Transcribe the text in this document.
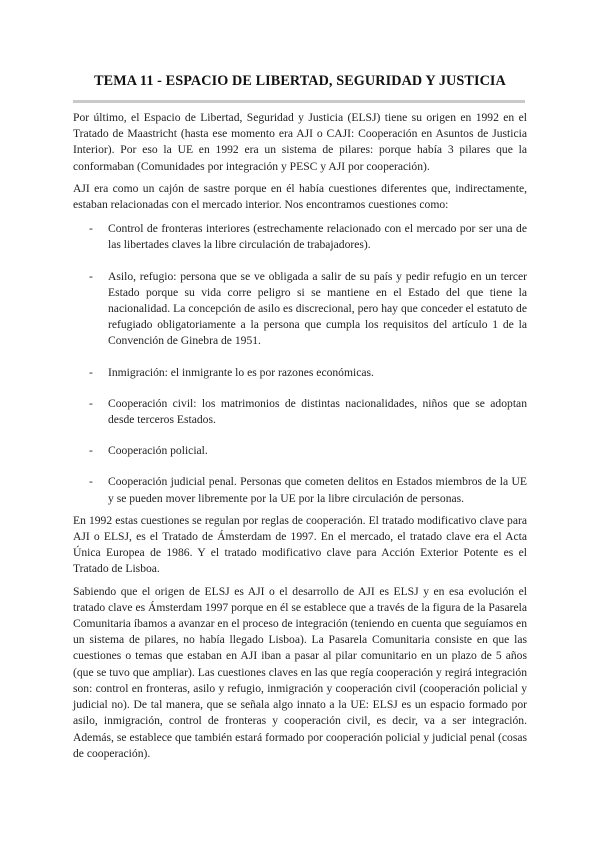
TEMA 11 - ESPACIO DE LIBERTAD, SEGURIDAD Y JUSTICIA

Por último, el Espacio de Libertad, Seguridad y Justicia (ELSJ) tiene su origen en 1992 en el Tratado de Maastricht (hasta ese momento era AJI o CAJI: Cooperación en Asuntos de Justicia Interior). Por eso la UE en 1992 era un sistema de pilares: porque había 3 pilares que la conformaban (Comunidades por integración y PESC y AJI por cooperación).

AJI era como un cajón de sastre porque en él había cuestiones diferentes que, indirectamente, estaban relacionadas con el mercado interior. Nos encontramos cuestiones como:

- Control de fronteras interiores (estrechamente relacionado con el mercado por ser una de las libertades claves la libre circulación de trabajadores).
- Asilo, refugio: persona que se ve obligada a salir de su país y pedir refugio en un tercer Estado porque su vida corre peligro si se mantiene en el Estado del que tiene la nacionalidad. La concepción de asilo es discrecional, pero hay que conceder el estatuto de refugiado obligatoriamente a la persona que cumpla los requisitos del artículo 1 de la Convención de Ginebra de 1951.
- Inmigración: el inmigrante lo es por razones económicas.
- Cooperación civil: los matrimonios de distintas nacionalidades, niños que se adoptan desde terceros Estados.
- Cooperación policial.
- Cooperación judicial penal. Personas que cometen delitos en Estados miembros de la UE y se pueden mover libremente por la UE por la libre circulación de personas.

En 1992 estas cuestiones se regulan por reglas de cooperación. El tratado modificativo clave para AJI o ELSJ, es el Tratado de Ámsterdam de 1997. En el mercado, el tratado clave era el Acta Única Europea de 1986. Y el tratado modificativo clave para Acción Exterior Potente es el Tratado de Lisboa.

Sabiendo que el origen de ELSJ es AJI o el desarrollo de AJI es ELSJ y en esa evolución el tratado clave es Ámsterdam 1997 porque en él se establece que a través de la figura de la Pasarela Comunitaria íbamos a avanzar en el proceso de integración (teniendo en cuenta que seguíamos en un sistema de pilares, no había llegado Lisboa). La Pasarela Comunitaria consiste en que las cuestiones o temas que estaban en AJI iban a pasar al pilar comunitario en un plazo de 5 años (que se tuvo que ampliar). Las cuestiones claves en las que regía cooperación y regirá integración son: control en fronteras, asilo y refugio, inmigración y cooperación civil (cooperación policial y judicial no). De tal manera, que se señala algo innato a la UE: ELSJ es un espacio formado por asilo, inmigración, control de fronteras y cooperación civil, es decir, va a ser integración. Además, se establece que también estará formado por cooperación policial y judicial penal (cosas de cooperación).
